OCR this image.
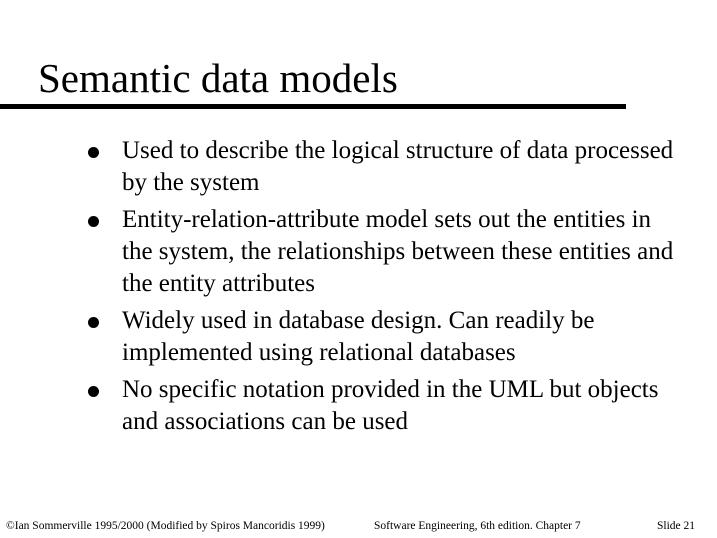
Semantic data models
Used to describe the logical structure of data processed by the system
Entity-relation-attribute model sets out the entities in the system, the relationships between these entities and the entity attributes
Widely used in database design. Can readily be implemented using relational databases
No specific notation provided in the UML but objects and associations can be used
©Ian Sommerville 1995/2000 (Modified by Spiros Mancoridis 1999)	Software Engineering, 6th edition. Chapter 7	Slide 21
